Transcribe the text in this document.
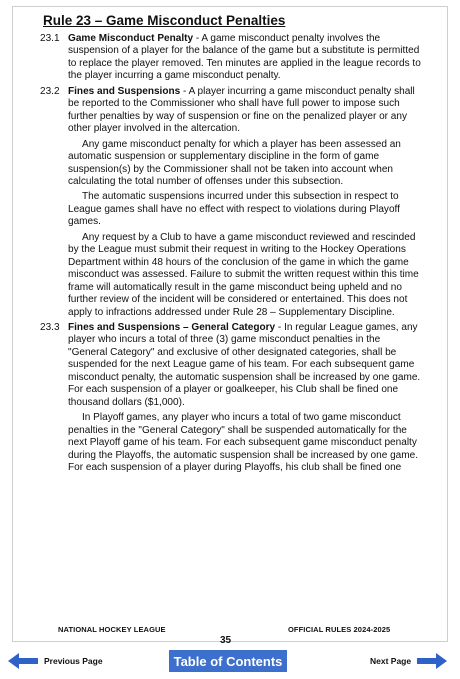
Rule 23 – Game Misconduct Penalties
23.1 Game Misconduct Penalty - A game misconduct penalty involves the suspension of a player for the balance of the game but a substitute is permitted to replace the player removed. Ten minutes are applied in the league records to the player incurring a game misconduct penalty.
23.2 Fines and Suspensions - A player incurring a game misconduct penalty shall be reported to the Commissioner who shall have full power to impose such further penalties by way of suspension or fine on the penalized player or any other player involved in the altercation.
Any game misconduct penalty for which a player has been assessed an automatic suspension or supplementary discipline in the form of game suspension(s) by the Commissioner shall not be taken into account when calculating the total number of offenses under this subsection.
The automatic suspensions incurred under this subsection in respect to League games shall have no effect with respect to violations during Playoff games.
Any request by a Club to have a game misconduct reviewed and rescinded by the League must submit their request in writing to the Hockey Operations Department within 48 hours of the conclusion of the game in which the game misconduct was assessed. Failure to submit the written request within this time frame will automatically result in the game misconduct being upheld and no further review of the incident will be considered or entertained. This does not apply to infractions addressed under Rule 28 – Supplementary Discipline.
23.3 Fines and Suspensions – General Category - In regular League games, any player who incurs a total of three (3) game misconduct penalties in the "General Category" and exclusive of other designated categories, shall be suspended for the next League game of his team. For each subsequent game misconduct penalty, the automatic suspension shall be increased by one game. For each suspension of a player or goalkeeper, his Club shall be fined one thousand dollars ($1,000).
In Playoff games, any player who incurs a total of two game misconduct penalties in the "General Category" shall be suspended automatically for the next Playoff game of his team. For each subsequent game misconduct penalty during the Playoffs, the automatic suspension shall be increased by one game. For each suspension of a player during Playoffs, his club shall be fined one
NATIONAL HOCKEY LEAGUE	OFFICIAL RULES 2024-2025
35
Previous Page	Table of Contents	Next Page
